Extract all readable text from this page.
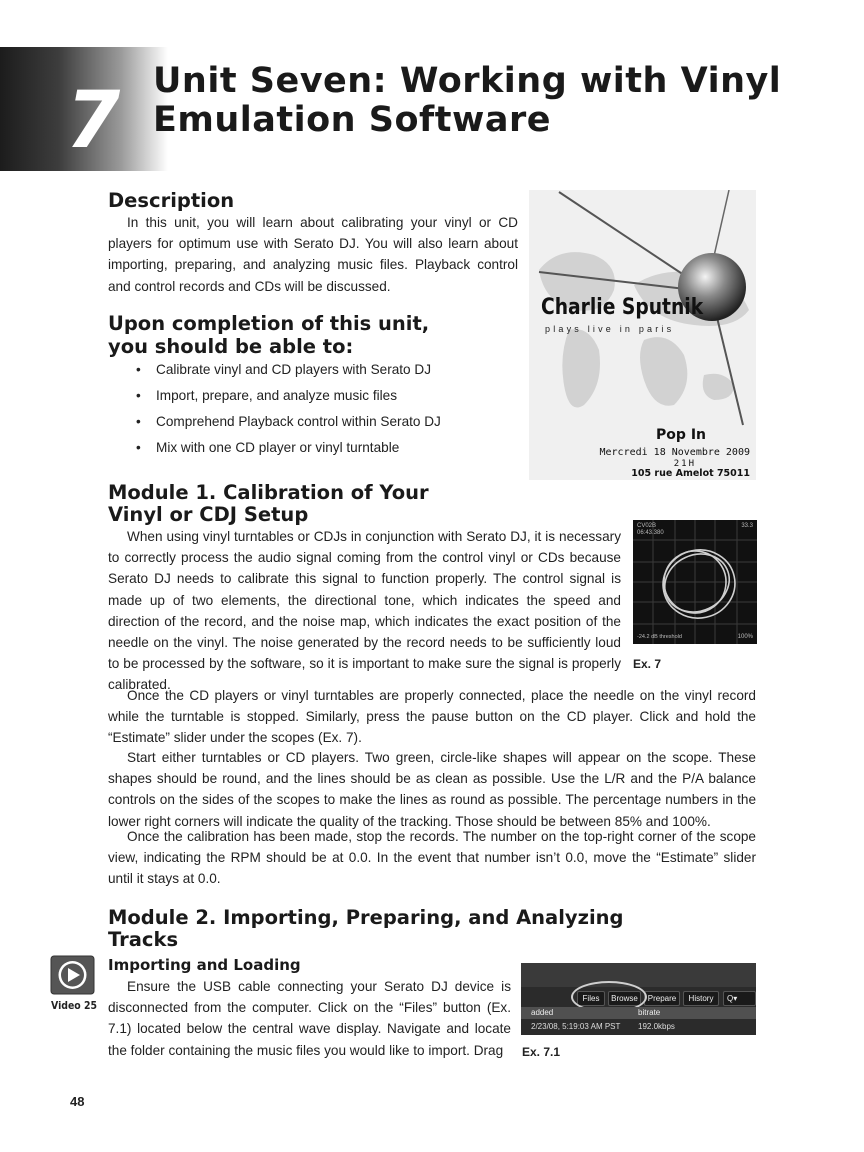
7 Unit Seven: Working with Vinyl Emulation Software
Description

In this unit, you will learn about calibrating your vinyl or CD players for optimum use with Serato DJ. You will also learn about importing, preparing, and analyzing music files. Playback control and control records and CDs will be discussed.

Upon completion of this unit,
you should be able to:
• Calibrate vinyl and CD players with Serato DJ
• Import, prepare, and analyze music files
• Comprehend Playback control within Serato DJ
• Mix with one CD player or vinyl turntable
Charlie Sputnik
plays live in paris
Pop In
Mercredi 18 Novembre 2009
21H
105 rue Amelot 75011
Module 1. Calibration of Your
Vinyl or CDJ Setup

When using vinyl turntables or CDJs in conjunction with Serato DJ, it is necessary to correctly process the audio signal coming from the control vinyl or CDs because Serato DJ needs to calibrate this signal to function properly. The control signal is made up of two elements, the directional tone, which indicates the speed and direction of the record, and the noise map, which indicates the exact position of the needle on the vinyl. The noise generated by the record needs to be sufficiently loud to be processed by the software, so it is important to make sure the signal is properly calibrated.

CV02B
06:43.380
33.3
-24.2 dB threshold	100%

Ex. 7

Once the CD players or vinyl turntables are properly connected, place the needle on the vinyl record while the turntable is stopped. Similarly, press the pause button on the CD player. Click and hold the “Estimate” slider under the scopes (Ex. 7).

Start either turntables or CD players. Two green, circle-like shapes will appear on the scope. These shapes should be round, and the lines should be as clean as possible. Use the L/R and the P/A balance controls on the sides of the scopes to make the lines as round as possible. The percentage numbers in the lower right corners will indicate the quality of the tracking. Those should be between 85% and 100%.

Once the calibration has been made, stop the records. The number on the top-right corner of the scope view, indicating the RPM should be at 0.0. In the event that number isn’t 0.0, move the “Estimate” slider until it stays at 0.0.

Module 2. Importing, Preparing, and Analyzing
Tracks
Importing and Loading

Ensure the USB cable connecting your Serato DJ device is disconnected from the computer. Click on the “Files” button (Ex. 7.1) located below the central wave display. Navigate and locate the folder containing the music files you would like to import. Drag

Video 25
Files	Browse	Prepare	History	Q▾
added	bitrate
2/23/08, 5:19:03 AM PST 192.0kbps

Ex. 7.1

48
